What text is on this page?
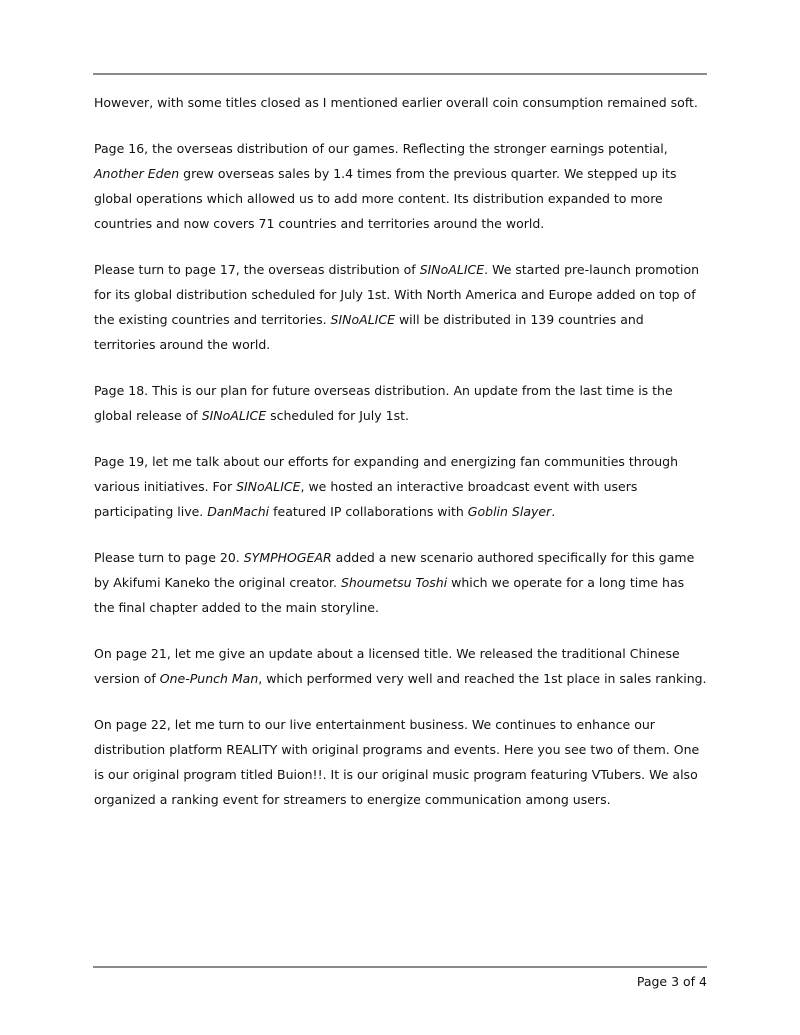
However, with some titles closed as I mentioned earlier overall coin consumption remained soft.

Page 16, the overseas distribution of our games. Reflecting the stronger earnings potential, Another Eden grew overseas sales by 1.4 times from the previous quarter. We stepped up its global operations which allowed us to add more content. Its distribution expanded to more countries and now covers 71 countries and territories around the world.

Please turn to page 17, the overseas distribution of SINoALICE. We started pre-launch promotion for its global distribution scheduled for July 1st. With North America and Europe added on top of the existing countries and territories. SINoALICE will be distributed in 139 countries and territories around the world.

Page 18. This is our plan for future overseas distribution. An update from the last time is the global release of SINoALICE scheduled for July 1st.

Page 19, let me talk about our efforts for expanding and energizing fan communities through various initiatives. For SINoALICE, we hosted an interactive broadcast event with users participating live. DanMachi featured IP collaborations with Goblin Slayer.

Please turn to page 20. SYMPHOGEAR added a new scenario authored specifically for this game by Akifumi Kaneko the original creator. Shoumetsu Toshi which we operate for a long time has the final chapter added to the main storyline.

On page 21, let me give an update about a licensed title. We released the traditional Chinese version of One-Punch Man, which performed very well and reached the 1st place in sales ranking.

On page 22, let me turn to our live entertainment business. We continues to enhance our distribution platform REALITY with original programs and events. Here you see two of them. One is our original program titled Buion!!. It is our original music program featuring VTubers. We also organized a ranking event for streamers to energize communication among users.

Page 3 of 4
